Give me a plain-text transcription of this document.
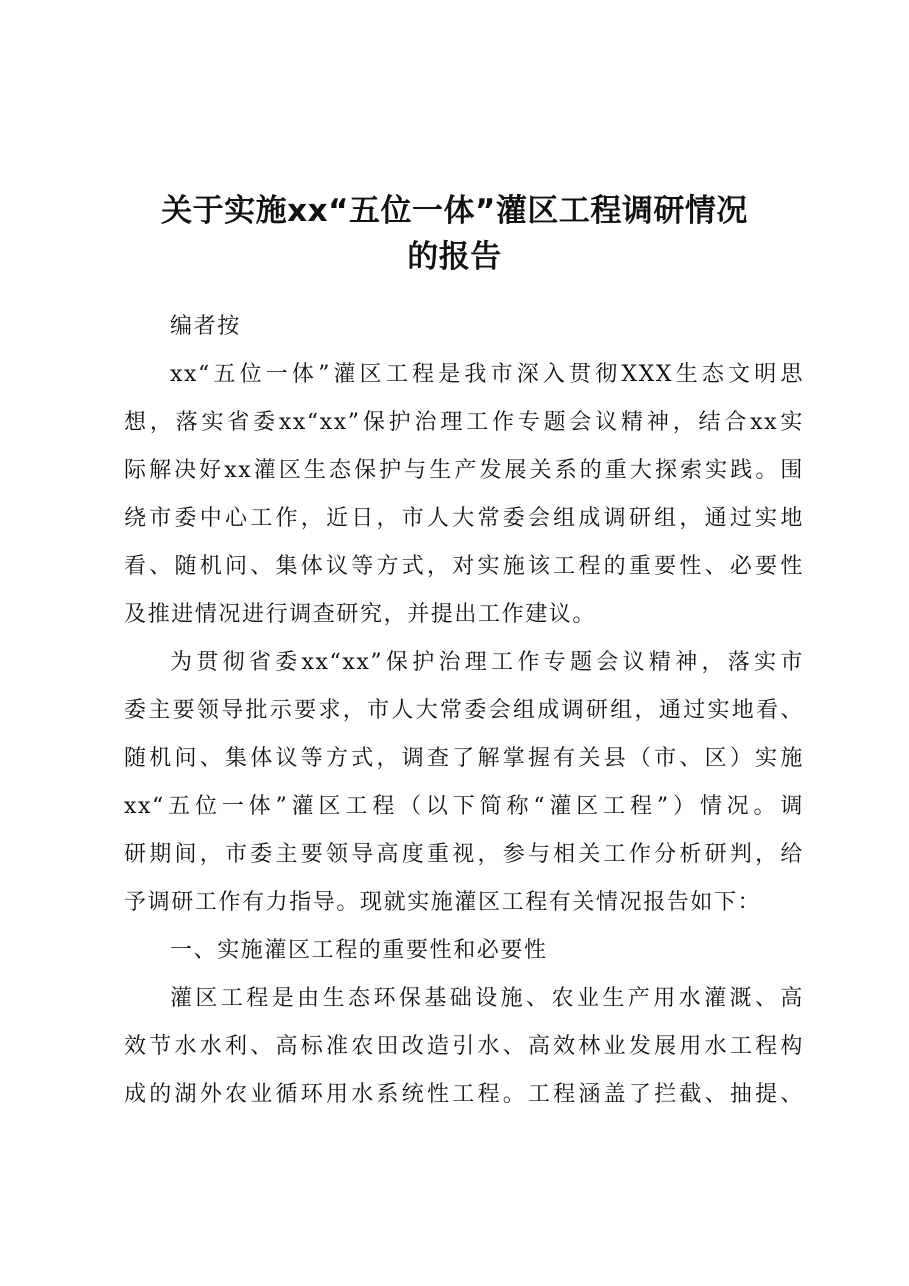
关于实施xx“五位一体”灌区工程调研情况
的报告

编者按

xx“五位一体”灌区工程是我市深入贯彻XXX生态文明思
想，落实省委xx“xx”保护治理工作专题会议精神，结合xx实
际解决好xx灌区生态保护与生产发展关系的重大探索实践。围
绕市委中心工作，近日，市人大常委会组成调研组，通过实地
看、随机问、集体议等方式，对实施该工程的重要性、必要性
及推进情况进行调查研究，并提出工作建议。

为贯彻省委xx“xx”保护治理工作专题会议精神，落实市
委主要领导批示要求，市人大常委会组成调研组，通过实地看、
随机问、集体议等方式，调查了解掌握有关县（市、区）实施
xx“五位一体”灌区工程（以下简称“灌区工程”）情况。调
研期间，市委主要领导高度重视，参与相关工作分析研判，给
予调研工作有力指导。现就实施灌区工程有关情况报告如下：

一、实施灌区工程的重要性和必要性

灌区工程是由生态环保基础设施、农业生产用水灌溉、高
效节水水利、高标准农田改造引水、高效林业发展用水工程构
成的湖外农业循环用水系统性工程。工程涵盖了拦截、抽提、
